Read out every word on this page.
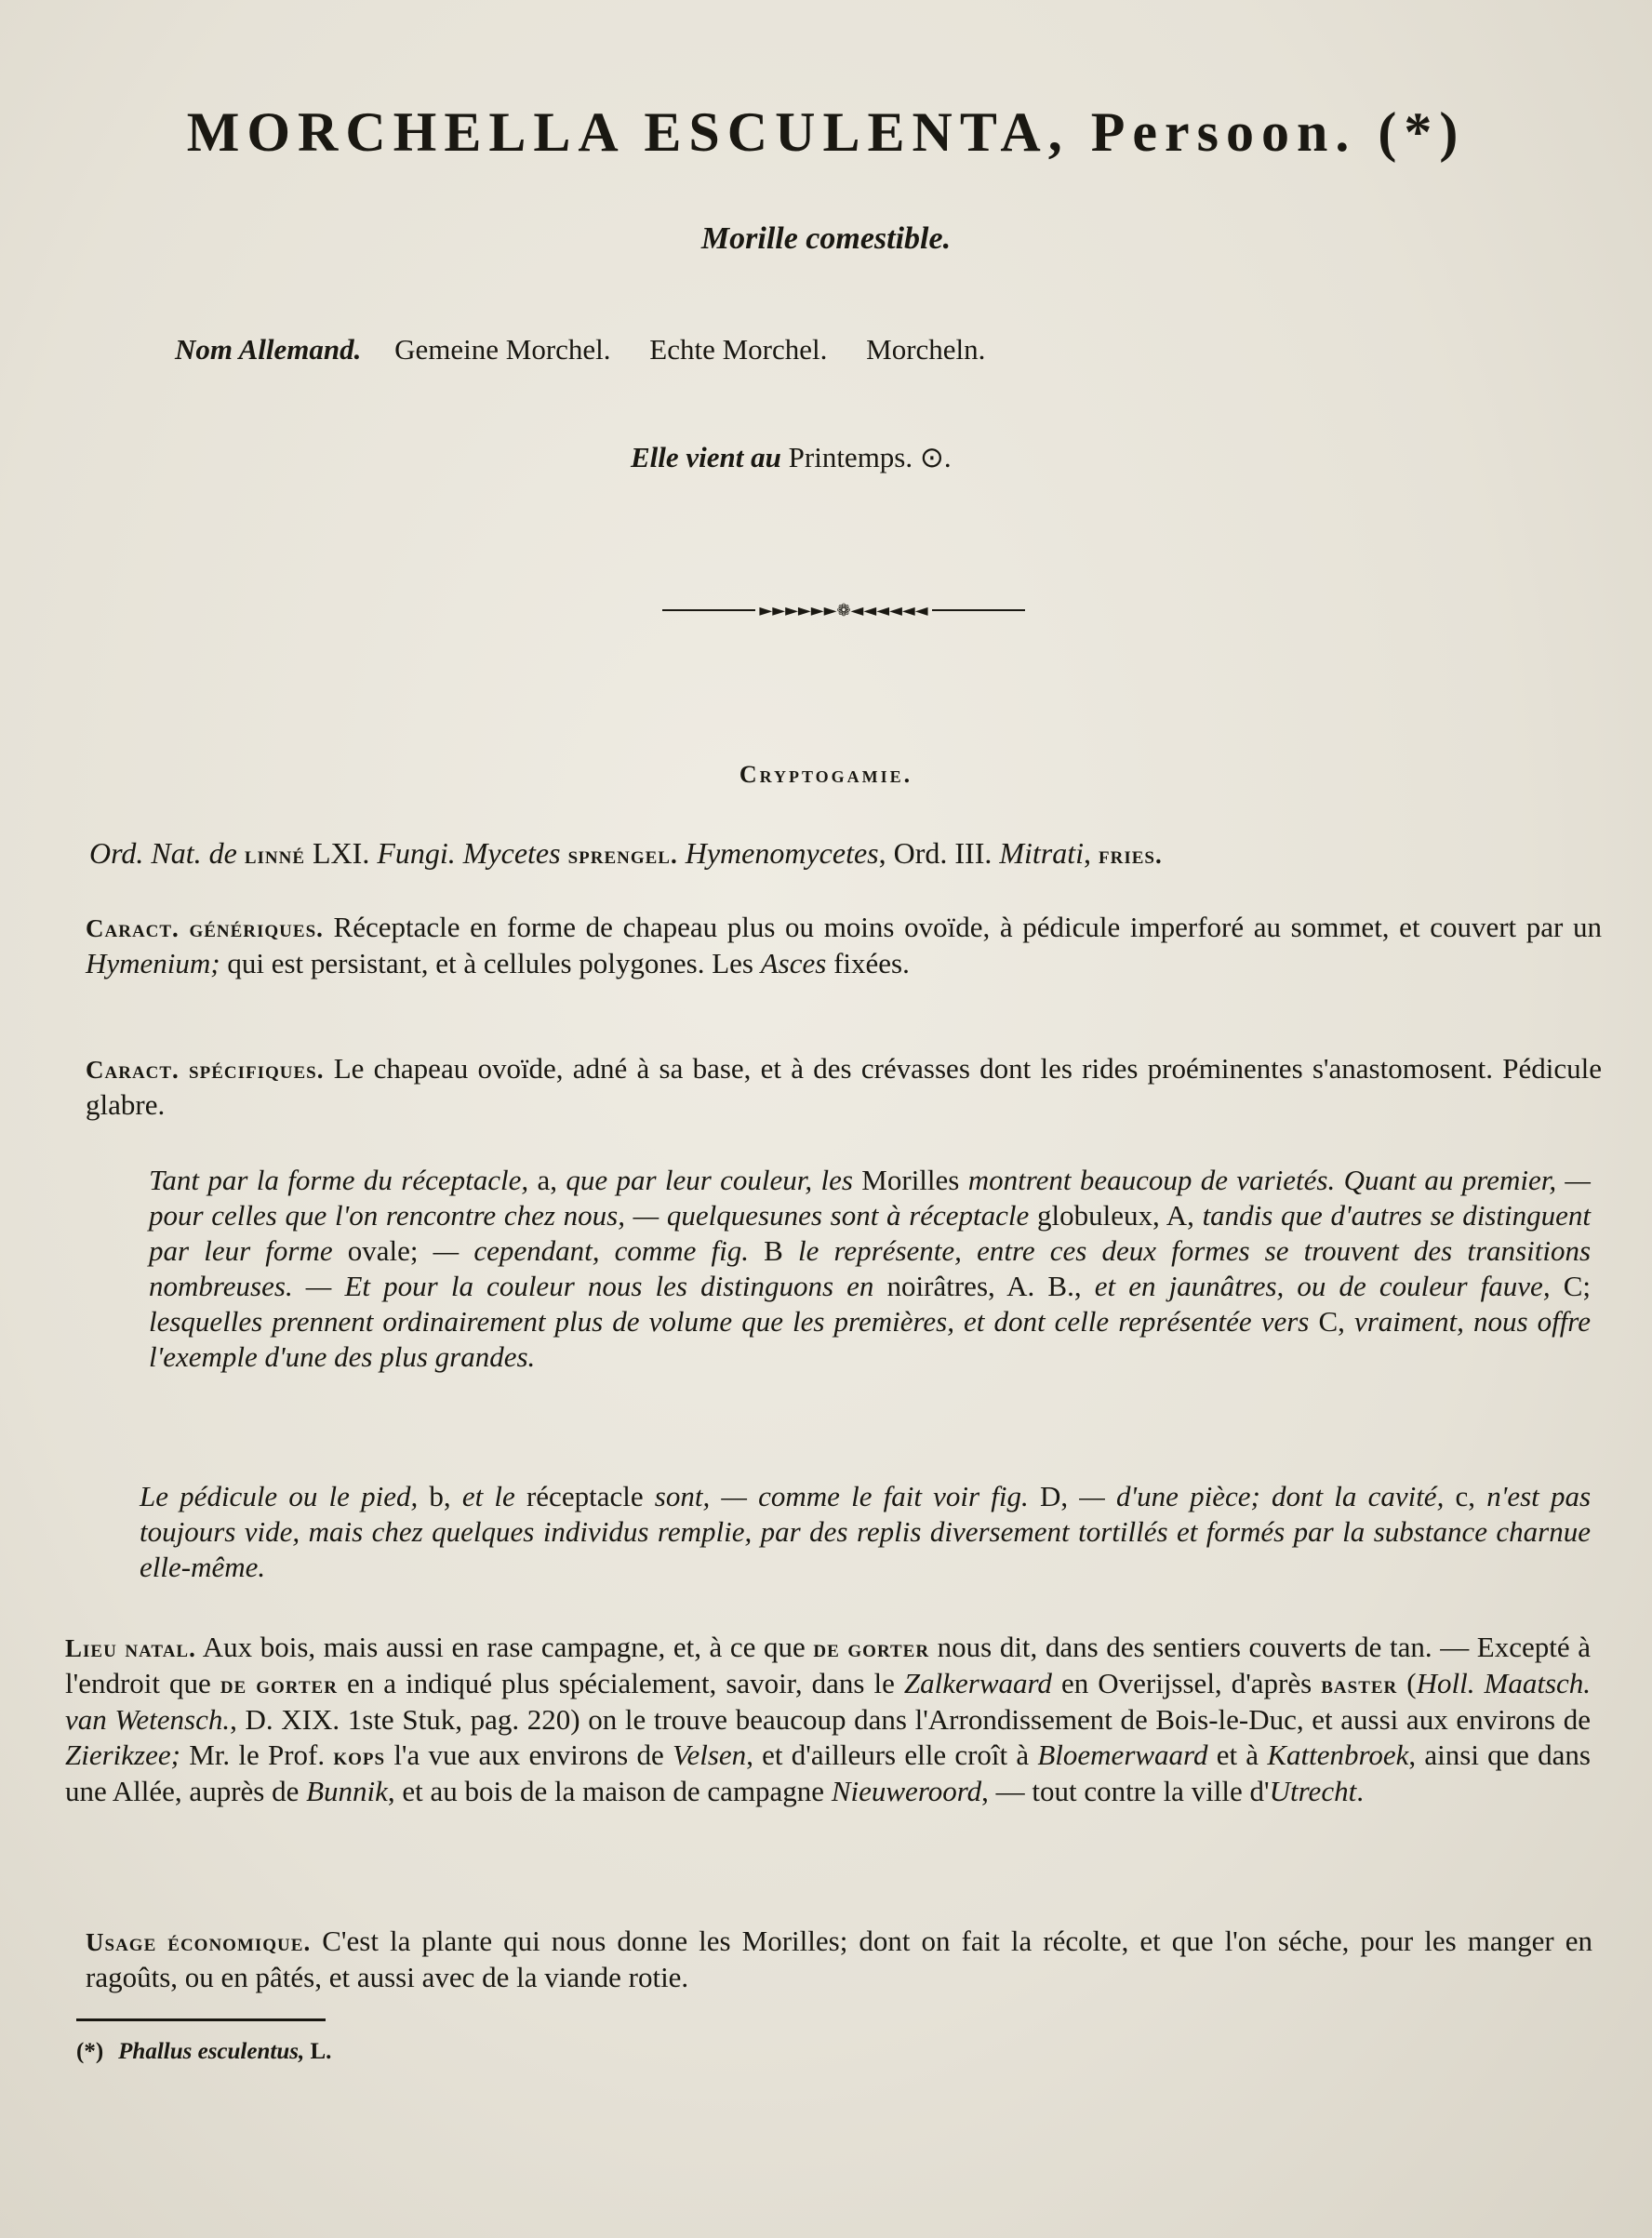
MORCHELLA ESCULENTA, Persoon. (*)
Morille comestible.
Nom Allemand. Gemeine Morchel. Echte Morchel. Morcheln.
Elle vient au Printemps. ⊙.
►►►►►►❁◄◄◄◄◄◄
Cryptogamie.
Ord. Nat. de linné LXI. Fungi. Mycetes sprengel. Hymenomycetes, Ord. III. Mitrati, fries.
Caract. génériques. Réceptacle en forme de chapeau plus ou moins ovoïde, à pédicule imperforé au sommet, et couvert par un Hymenium; qui est persistant, et à cellules polygones. Les Asces fixées.
Caract. spécifiques. Le chapeau ovoïde, adné à sa base, et à des crévasses dont les rides proéminentes s'anastomosent. Pédicule glabre.
Tant par la forme du réceptacle, a, que par leur couleur, les Morilles montrent beaucoup de varietés. Quant au premier, — pour celles que l'on rencontre chez nous, — quelquesunes sont à réceptacle globuleux, A, tandis que d'autres se distinguent par leur forme ovale; — cependant, comme fig. B le représente, entre ces deux formes se trouvent des transitions nombreuses. — Et pour la couleur nous les distinguons en noirâtres, A. B., et en jaunâtres, ou de couleur fauve, C; lesquelles prennent ordinairement plus de volume que les premières, et dont celle représentée vers C, vraiment, nous offre l'exemple d'une des plus grandes.
Le pédicule ou le pied, b, et le réceptacle sont, — comme le fait voir fig. D, — d'une pièce; dont la cavité, c, n'est pas toujours vide, mais chez quelques individus remplie, par des replis diversement tortillés et formés par la substance charnue elle-même.
Lieu natal. Aux bois, mais aussi en rase campagne, et, à ce que de gorter nous dit, dans des sentiers couverts de tan. — Excepté à l'endroit que de gorter en a indiqué plus spécialement, savoir, dans le Zalkerwaard en Overijssel, d'après baster (Holl. Maatsch. van Wetensch., D. XIX. 1ste Stuk, pag. 220) on le trouve beaucoup dans l'Arrondissement de Bois-le-Duc, et aussi aux environs de Zierikzee; Mr. le Prof. kops l'a vue aux environs de Velsen, et d'ailleurs elle croît à Bloemerwaard et à Kattenbroek, ainsi que dans une Allée, auprès de Bunnik, et au bois de la maison de campagne Nieuweroord, — tout contre la ville d'Utrecht.
Usage économique. C'est la plante qui nous donne les Morilles; dont on fait la récolte, et que l'on séche, pour les manger en ragoûts, ou en pâtés, et aussi avec de la viande rotie.
(*) Phallus esculentus, L.
